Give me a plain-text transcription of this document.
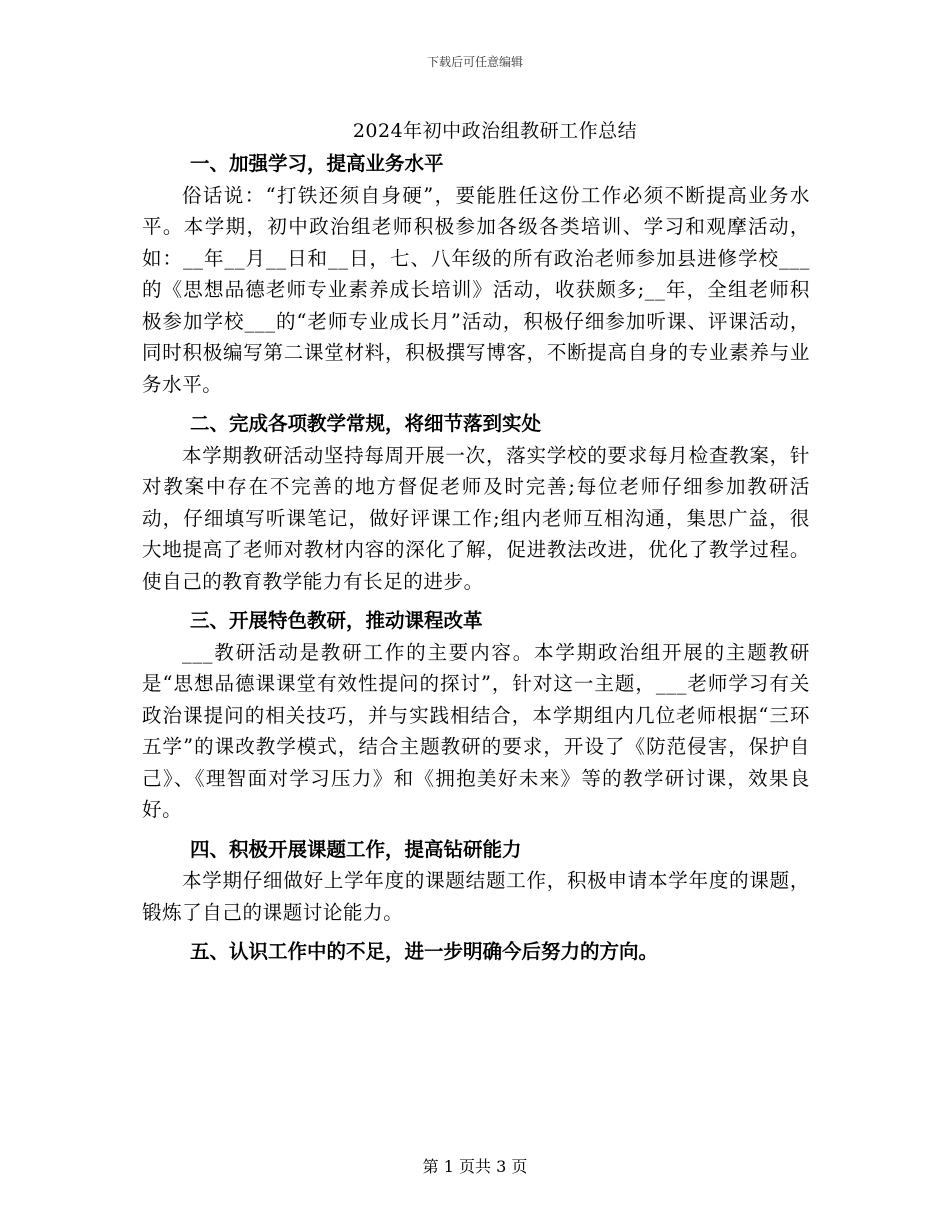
下载后可任意编辑
2024年初中政治组教研工作总结
一、加强学习，提高业务水平

俗话说：“打铁还须自身硬”，要能胜任这份工作必须不断提高业务水平。本学期，初中政治组老师积极参加各级各类培训、学习和观摩活动，如：__年__月__日和__日，七、八年级的所有政治老师参加县进修学校___的《思想品德老师专业素养成长培训》活动，收获颇多;__年，全组老师积极参加学校___的“老师专业成长月”活动，积极仔细参加听课、评课活动，同时积极编写第二课堂材料，积极撰写博客，不断提高自身的专业素养与业务水平。

二、完成各项教学常规，将细节落到实处

本学期教研活动坚持每周开展一次，落实学校的要求每月检查教案，针对教案中存在不完善的地方督促老师及时完善;每位老师仔细参加教研活动，仔细填写听课笔记，做好评课工作;组内老师互相沟通，集思广益，很大地提高了老师对教材内容的深化了解，促进教法改进，优化了教学过程。使自己的教育教学能力有长足的进步。

三、开展特色教研，推动课程改革

___教研活动是教研工作的主要内容。本学期政治组开展的主题教研是“思想品德课课堂有效性提问的探讨”，针对这一主题，___老师学习有关政治课提问的相关技巧，并与实践相结合，本学期组内几位老师根据“三环五学”的课改教学模式，结合主题教研的要求，开设了《防范侵害，保护自己》、《理智面对学习压力》和《拥抱美好未来》等的教学研讨课，效果良好。

四、积极开展课题工作，提高钻研能力

本学期仔细做好上学年度的课题结题工作，积极申请本学年度的课题，锻炼了自己的课题讨论能力。

五、认识工作中的不足，进一步明确今后努力的方向。
第 1 页共 3 页
